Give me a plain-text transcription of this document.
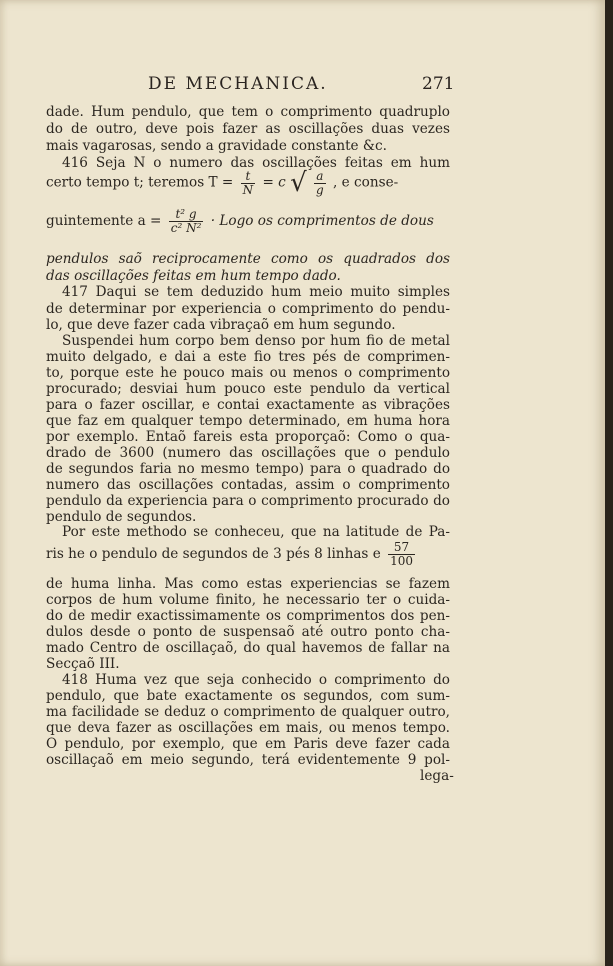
DE MECHANICA.	271
dade. Hum pendulo, que tem o comprimento quadruplo
do de outro, deve pois fazer as oscillações duas vezes
mais vagarosas, sendo a gravidade constante &c.
416 Seja N o numero das oscillações feitas em hum
certo tempo t; teremos $T = \frac{t}{N} = c$ √ $\frac{a}{g}$ , e conse-
guintemente $a = \frac{\text{t² g}}{\text{c² N²}}$ · Logo os comprimentos de dous
pendulos saõ reciprocamente como os quadrados dos
das oscillações feitas em hum tempo dado.
417 Daqui se tem deduzido hum meio muito simples
de determinar por experiencia o comprimento do pendu-
lo, que deve fazer cada vibraçaõ em hum segundo.
Suspendei hum corpo bem denso por hum fio de metal
muito delgado, e dai a este fio tres pés de comprimen-
to, porque este he pouco mais ou menos o comprimento
procurado; desviai hum pouco este pendulo da vertical
para o fazer oscillar, e contai exactamente as vibrações
que faz em qualquer tempo determinado, em huma hora
por exemplo. Entaõ fareis esta proporçaõ: Como o qua-
drado de 3600 (numero das oscillações que o pendulo
de segundos faria no mesmo tempo) para o quadrado do
numero das oscillações contadas, assim o comprimento
pendulo da experiencia para o comprimento procurado do
pendulo de segundos.
Por este methodo se conheceu, que na latitude de Pa-
ris he o pendulo de segundos de 3 pés 8 linhas e $\frac{57}{100}$
de huma linha. Mas como estas experiencias se fazem
corpos de hum volume finito, he necessario ter o cuida-
do de medir exactissimamente os comprimentos dos pen-
dulos desde o ponto de suspensaõ até outro ponto cha-
mado Centro de oscillaçaõ, do qual havemos de fallar na
Secçaõ III.
418 Huma vez que seja conhecido o comprimento do
pendulo, que bate exactamente os segundos, com sum-
ma facilidade se deduz o comprimento de qualquer outro,
que deva fazer as oscillações em mais, ou menos tempo.
O pendulo, por exemplo, que em Paris deve fazer cada
oscillaçaõ em meio segundo, terá evidentemente 9 pol-
lega-
